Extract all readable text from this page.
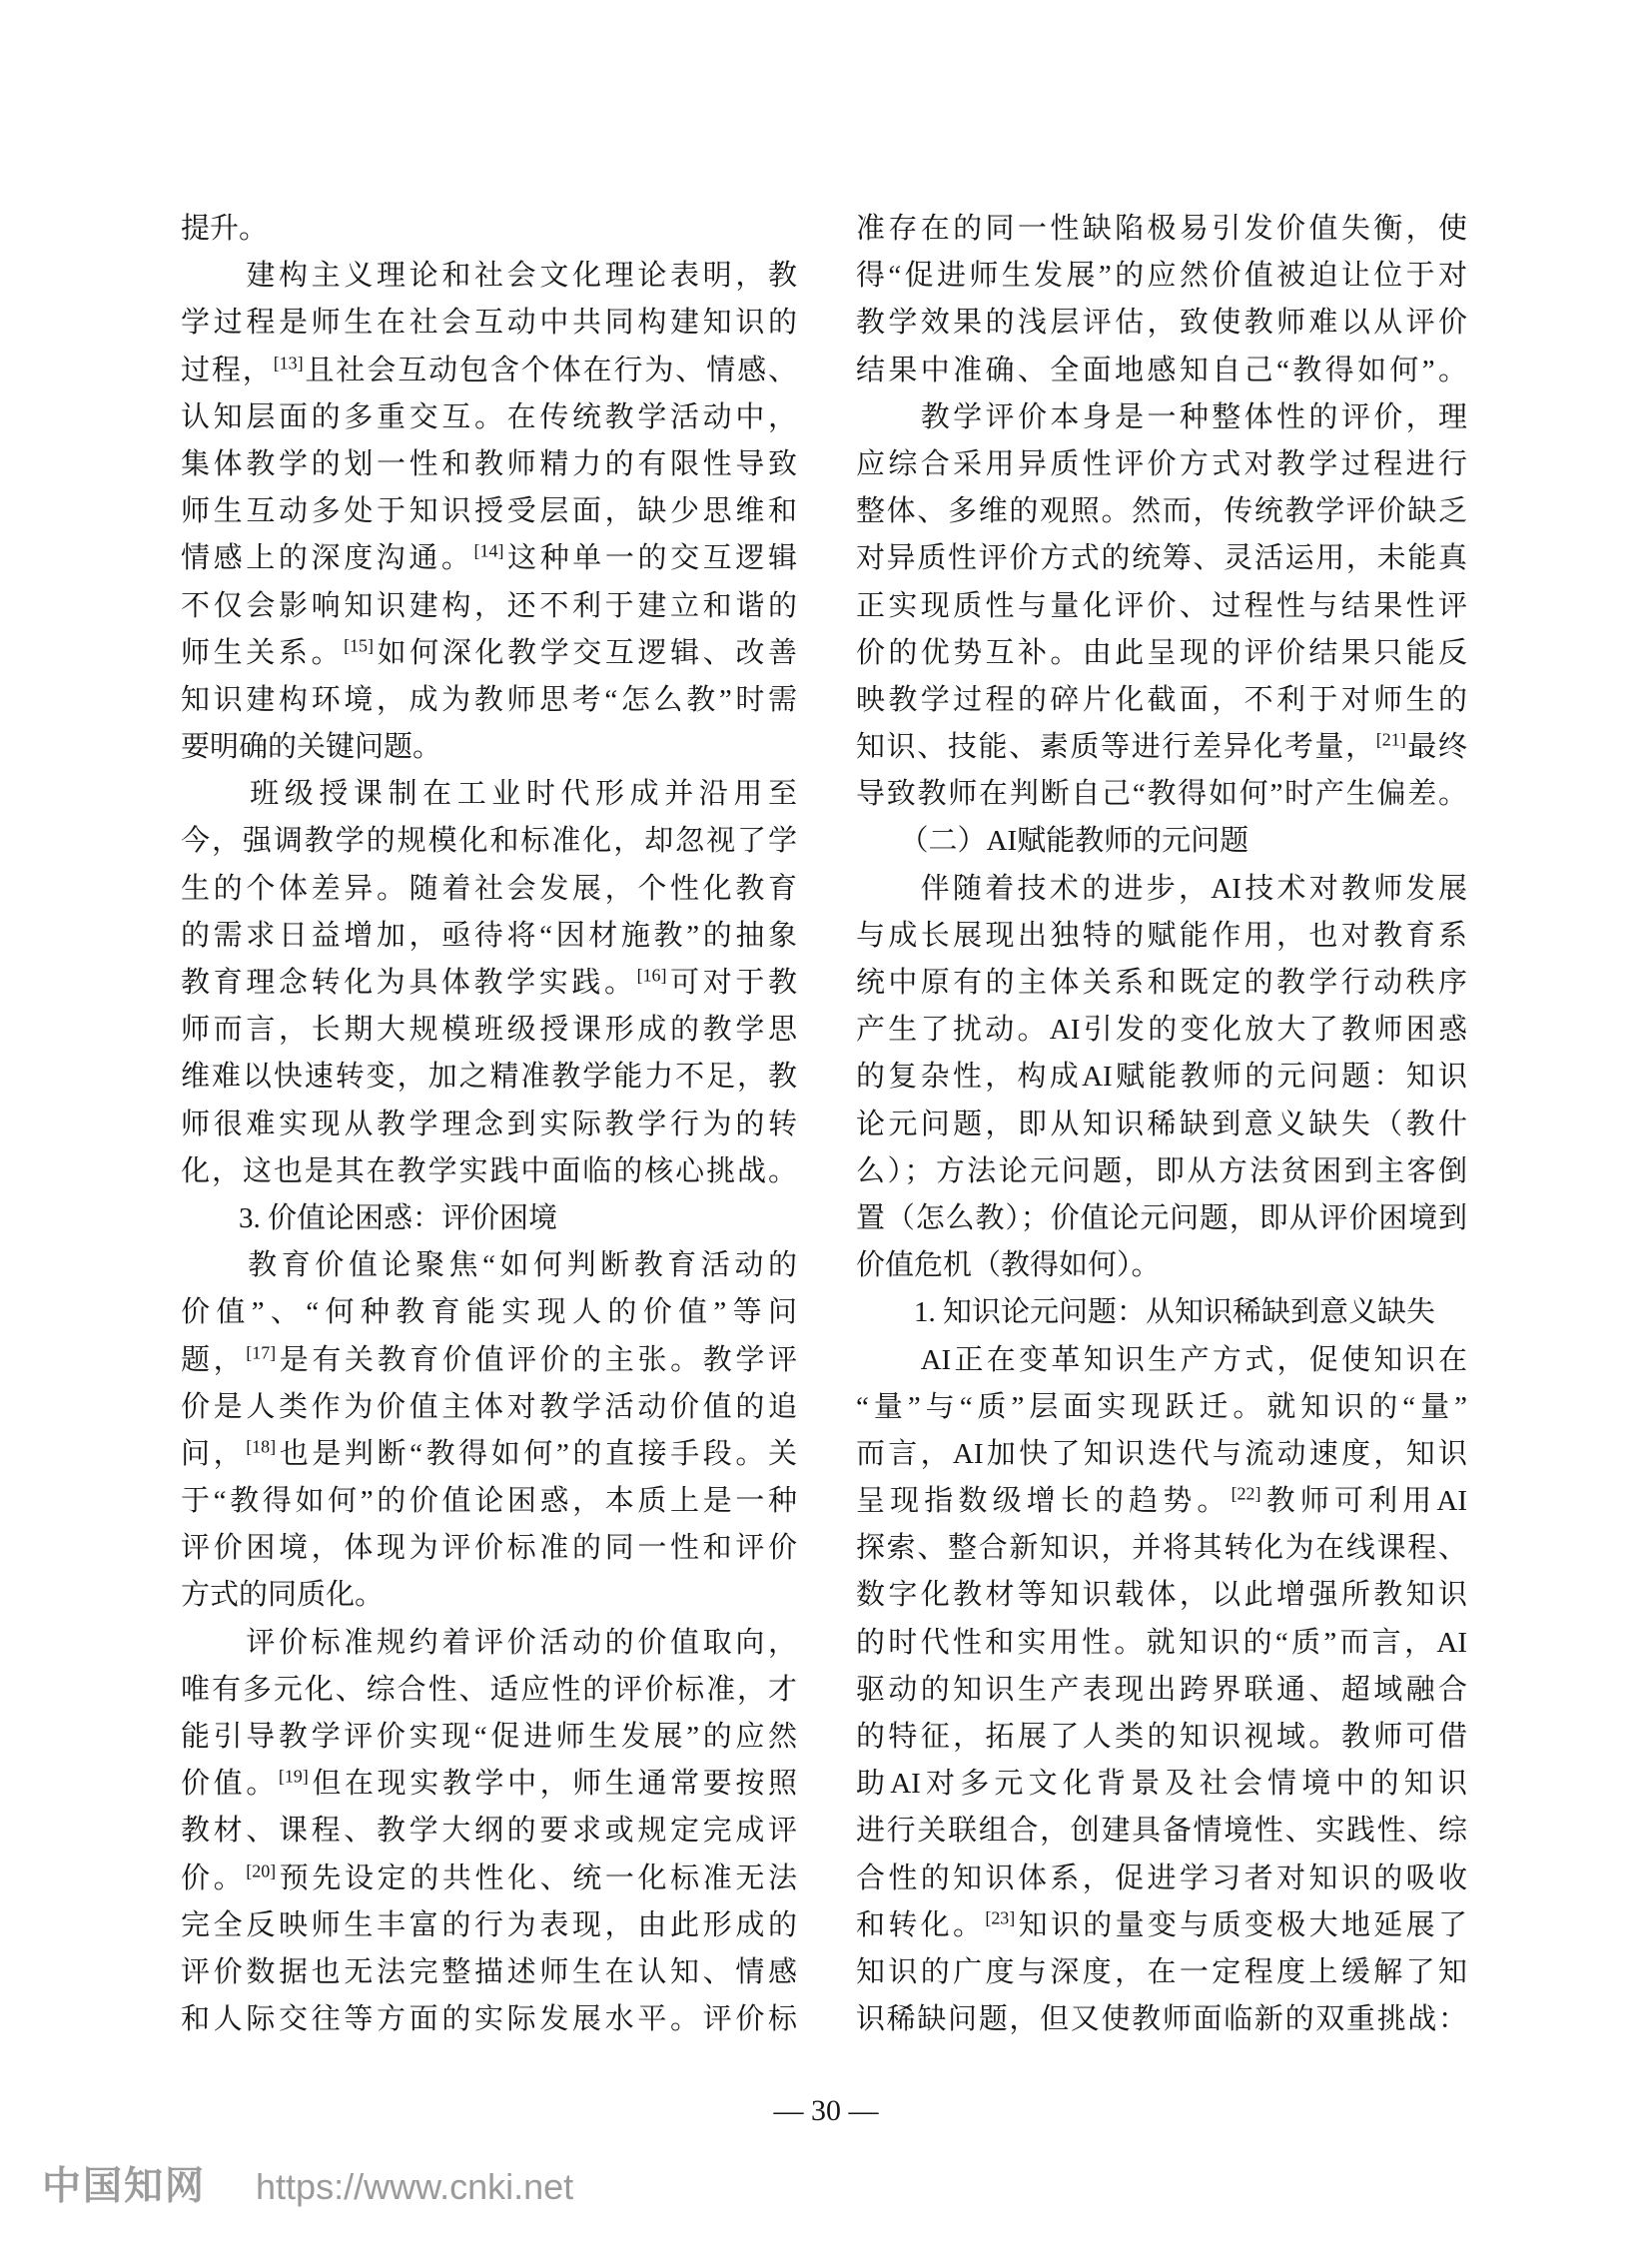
提升。
　　建构主义理论和社会文化理论表明，教
学过程是师生在社会互动中共同构建知识的
过程，[13]且社会互动包含个体在行为、情感、
认知层面的多重交互。在传统教学活动中，
集体教学的划一性和教师精力的有限性导致
师生互动多处于知识授受层面，缺少思维和
情感上的深度沟通。[14]这种单一的交互逻辑
不仅会影响知识建构，还不利于建立和谐的
师生关系。[15]如何深化教学交互逻辑、改善
知识建构环境，成为教师思考“怎么教”时需
要明确的关键问题。
　　班级授课制在工业时代形成并沿用至
今，强调教学的规模化和标准化，却忽视了学
生的个体差异。随着社会发展，个性化教育
的需求日益增加，亟待将“因材施教”的抽象
教育理念转化为具体教学实践。[16]可对于教
师而言，长期大规模班级授课形成的教学思
维难以快速转变，加之精准教学能力不足，教
师很难实现从教学理念到实际教学行为的转
化，这也是其在教学实践中面临的核心挑战。
　　3. 价值论困惑：评价困境
　　教育价值论聚焦“如何判断教育活动的
价值”、“何种教育能实现人的价值”等问
题，[17]是有关教育价值评价的主张。教学评
价是人类作为价值主体对教学活动价值的追
问，[18]也是判断“教得如何”的直接手段。关
于“教得如何”的价值论困惑，本质上是一种
评价困境，体现为评价标准的同一性和评价
方式的同质化。
　　评价标准规约着评价活动的价值取向，
唯有多元化、综合性、适应性的评价标准，才
能引导教学评价实现“促进师生发展”的应然
价值。[19]但在现实教学中，师生通常要按照
教材、课程、教学大纲的要求或规定完成评
价。[20]预先设定的共性化、统一化标准无法
完全反映师生丰富的行为表现，由此形成的
评价数据也无法完整描述师生在认知、情感
和人际交往等方面的实际发展水平。评价标
准存在的同一性缺陷极易引发价值失衡，使
得“促进师生发展”的应然价值被迫让位于对
教学效果的浅层评估，致使教师难以从评价
结果中准确、全面地感知自己“教得如何”。
　　教学评价本身是一种整体性的评价，理
应综合采用异质性评价方式对教学过程进行
整体、多维的观照。然而，传统教学评价缺乏
对异质性评价方式的统筹、灵活运用，未能真
正实现质性与量化评价、过程性与结果性评
价的优势互补。由此呈现的评价结果只能反
映教学过程的碎片化截面，不利于对师生的
知识、技能、素质等进行差异化考量，[21]最终
导致教师在判断自己“教得如何”时产生偏差。
　　（二）AI赋能教师的元问题
　　伴随着技术的进步，AI技术对教师发展
与成长展现出独特的赋能作用，也对教育系
统中原有的主体关系和既定的教学行动秩序
产生了扰动。AI引发的变化放大了教师困惑
的复杂性，构成AI赋能教师的元问题：知识
论元问题，即从知识稀缺到意义缺失（教什
么）；方法论元问题，即从方法贫困到主客倒
置（怎么教）；价值论元问题，即从评价困境到
价值危机（教得如何）。
　　1. 知识论元问题：从知识稀缺到意义缺失
　　AI正在变革知识生产方式，促使知识在
“量”与“质”层面实现跃迁。就知识的“量”
而言，AI加快了知识迭代与流动速度，知识
呈现指数级增长的趋势。[22]教师可利用AI
探索、整合新知识，并将其转化为在线课程、
数字化教材等知识载体，以此增强所教知识
的时代性和实用性。就知识的“质”而言，AI
驱动的知识生产表现出跨界联通、超域融合
的特征，拓展了人类的知识视域。教师可借
助AI对多元文化背景及社会情境中的知识
进行关联组合，创建具备情境性、实践性、综
合性的知识体系，促进学习者对知识的吸收
和转化。[23]知识的量变与质变极大地延展了
知识的广度与深度，在一定程度上缓解了知
识稀缺问题，但又使教师面临新的双重挑战：
— 30 —
中国知网 https://www.cnki.net
